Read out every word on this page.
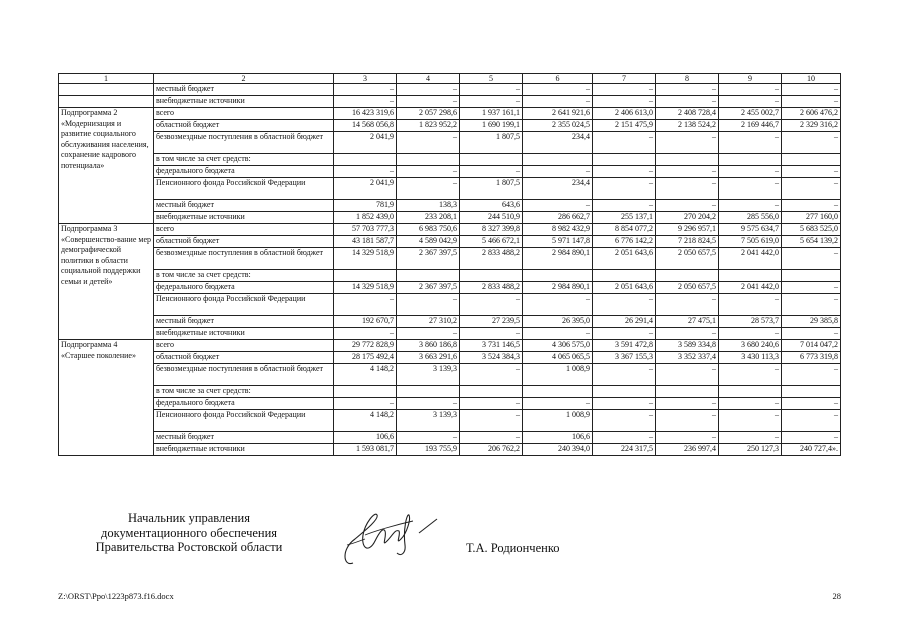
1	2	3	4	5	6	7	8	9	10
	местный бюджет	–	–	–	–	–	–	–	–
	внебюджетные источники	–	–	–	–	–	–	–	–
Подпрограмма 2 «Модернизация и развитие социального обслуживания населения, сохранение кадрового потенциала»	всего	16 423 319,6	2 057 298,6	1 937 161,1	2 641 921,6	2 406 613,0	2 408 728,4	2 455 002,7	2 606 476,2
	областной бюджет	14 568 056,8	1 823 952,2	1 690 199,1	2 355 024,5	2 151 475,9	2 138 524,2	2 169 446,7	2 329 316,2
	безвозмездные поступления в областной бюджет	2 041,9	–	1 807,5	234,4	–	–	–	–
	в том числе за счет средств:								
	федерального бюджета	–	–	–	–	–	–	–	–
	Пенсионного фонда Российской Федерации	2 041,9	–	1 807,5	234,4	–	–	–	–
	местный бюджет	781,9	138,3	643,6	–	–	–	–	–
	внебюджетные источники	1 852 439,0	233 208,1	244 510,9	286 662,7	255 137,1	270 204,2	285 556,0	277 160,0
Подпрограмма 3 «Совершенство-вание мер демографической политики в области социальной поддержки семьи и детей»	всего	57 703 777,3	6 983 750,6	8 327 399,8	8 982 432,9	8 854 077,2	9 296 957,1	9 575 634,7	5 683 525,0
	областной бюджет	43 181 587,7	4 589 042,9	5 466 672,1	5 971 147,8	6 776 142,2	7 218 824,5	7 505 619,0	5 654 139,2
	безвозмездные поступления в областной бюджет	14 329 518,9	2 367 397,5	2 833 488,2	2 984 890,1	2 051 643,6	2 050 657,5	2 041 442,0	–
	в том числе за счет средств:								
	федерального бюджета	14 329 518,9	2 367 397,5	2 833 488,2	2 984 890,1	2 051 643,6	2 050 657,5	2 041 442,0	–
	Пенсионного фонда Российской Федерации	–	–	–	–	–	–	–	–
	местный бюджет	192 670,7	27 310,2	27 239,5	26 395,0	26 291,4	27 475,1	28 573,7	29 385,8
	внебюджетные источники	–	–	–	–	–	–	–	–
Подпрограмма 4 «Старшее поколение»	всего	29 772 828,9	3 860 186,8	3 731 146,5	4 306 575,0	3 591 472,8	3 589 334,8	3 680 240,6	7 014 047,2
	областной бюджет	28 175 492,4	3 663 291,6	3 524 384,3	4 065 065,5	3 367 155,3	3 352 337,4	3 430 113,3	6 773 319,8
	безвозмездные поступления в областной бюджет	4 148,2	3 139,3	–	1 008,9	–	–	–	–
	в том числе за счет средств:								
	федерального бюджета	–	–	–	–	–	–	–	–
	Пенсионного фонда Российской Федерации	4 148,2	3 139,3	–	1 008,9	–	–	–	–
	местный бюджет	106,6	–	–	106,6	–	–	–	–
	внебюджетные источники	1 593 081,7	193 755,9	206 762,2	240 394,0	224 317,5	236 997,4	250 127,3	240 727,4».
Начальник управления
документационного обеспечения
Правительства Ростовской области	Т.А. Родионченко
Z:\ORST\Ppo\1223p873.f16.docx	28
